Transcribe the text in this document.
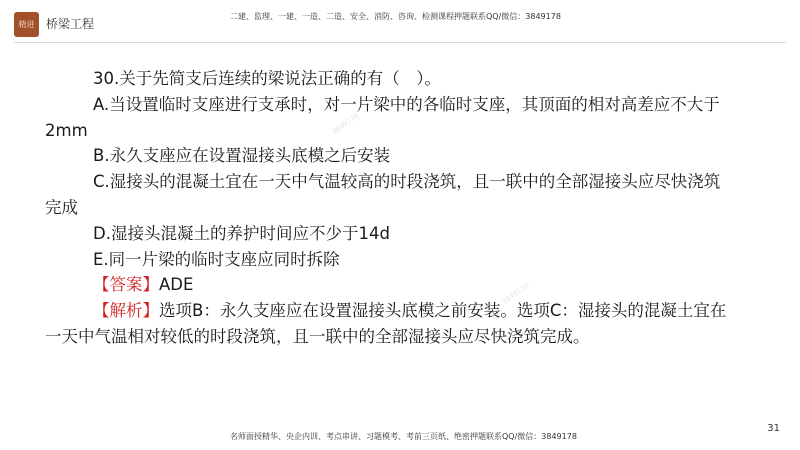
精进 桥梁工程
二建、监理、一建、一造、二造、安全、消防、咨询、检测课程押题联系QQ/微信：3849178
3849178
3849178

30.关于先简支后连续的梁说法正确的有（　）。

A.当设置临时支座进行支承时，对一片梁中的各临时支座，其顶面的相对高差应不大于

2mm

B.永久支座应在设置湿接头底模之后安装

C.湿接头的混凝土宜在一天中气温较高的时段浇筑，且一联中的全部湿接头应尽快浇筑

完成

D.湿接头混凝土的养护时间应不少于14d

E.同一片梁的临时支座应同时拆除

【答案】ADE

【解析】选项B：永久支座应在设置湿接头底模之前安装。选项C：湿接头的混凝土宜在

一天中气温相对较低的时段浇筑，且一联中的全部湿接头应尽快浇筑完成。

31
名师面授精华、央企内训、考点串讲、习题模考、考前三页纸、绝密押题联系QQ/微信：3849178
